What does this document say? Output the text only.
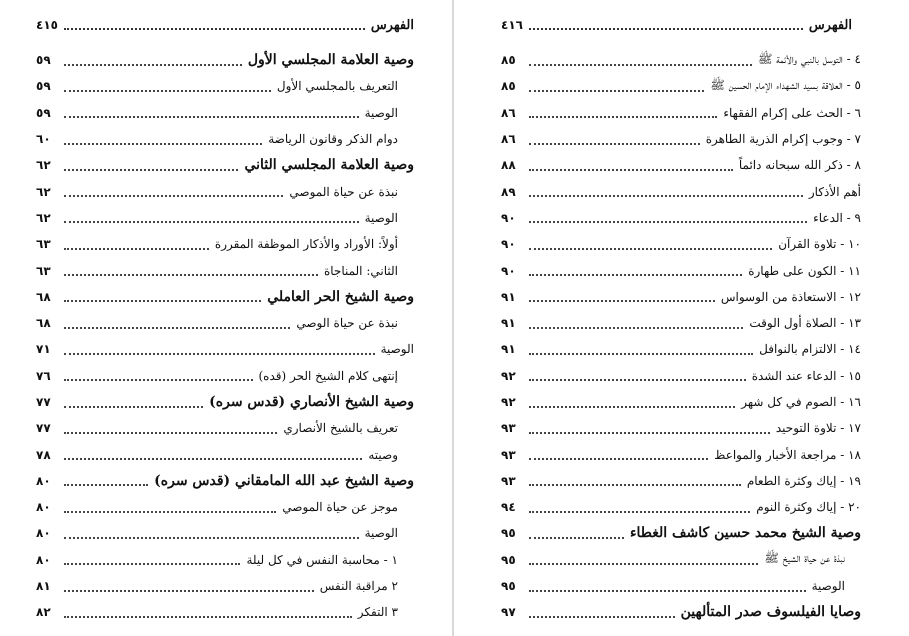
الفهرس
٤١٥
وصية العلامة المجلسي الأول
٥٩
التعريف بالمجلسي الأول
٥٩
الوصية
٥٩
دوام الذكر وقانون الرياضة
٦٠
وصية العلامة المجلسي الثاني
٦٢
نبذة عن حياة الموصي
٦٢
الوصية
٦٢
أولاً: الأوراد والأذكار الموظفة المقررة
٦٣
الثاني: المناجاة
٦٣
وصية الشيخ الحر العاملي
٦٨
نبذة عن حياة الوصي
٦٨
الوصية
٧١
إنتهى كلام الشيخ الحر (قده)
٧٦
وصية الشيخ الأنصاري (قدس سره)
٧٧
تعريف بالشيخ الأنصاري
٧٧
وصيته
٧٨
وصية الشيخ عبد الله المامقاني (قدس سره)
٨٠
موجز عن حياة الموصي
٨٠
الوصية
٨٠
١ - محاسبة النفس في كل ليلة
٨٠
٢ مراقبة النفس
٨١
٣ التفكر
٨٢
الفهرس
٤١٦
٤ - التوسل بالنبي والأئمة ﷺ
٨٥
٥ - العلاقة بسيد الشهداء الإمام الحسين ﷺ
٨٥
٦ - الحث على إكرام الفقهاء
٨٦
٧ - وجوب إكرام الذرية الطاهرة
٨٦
٨ - ذكر الله سبحانه دائماً
٨٨
أهم الأذكار
٨٩
٩ - الدعاء
٩٠
١٠ - تلاوة القرآن
٩٠
١١ - الكون على طهارة
٩٠
١٢ - الاستعاذة من الوسواس
٩١
١٣ - الصلاة أول الوقت
٩١
١٤ - الالتزام بالنوافل
٩١
١٥ - الدعاء عند الشدة
٩٢
١٦ - الصوم في كل شهر
٩٢
١٧ - تلاوة التوحيد
٩٣
١٨ - مراجعة الأخبار والمواعظ
٩٣
١٩ - إياك وكثرة الطعام
٩٣
٢٠ - إياك وكثرة النوم
٩٤
وصية الشيخ محمد حسين كاشف الغطاء
٩٥
نبذة عن حياة الشيخ ﷺ
٩٥
الوصية
٩٥
وصايا الفيلسوف صدر المتألهين
٩٧
